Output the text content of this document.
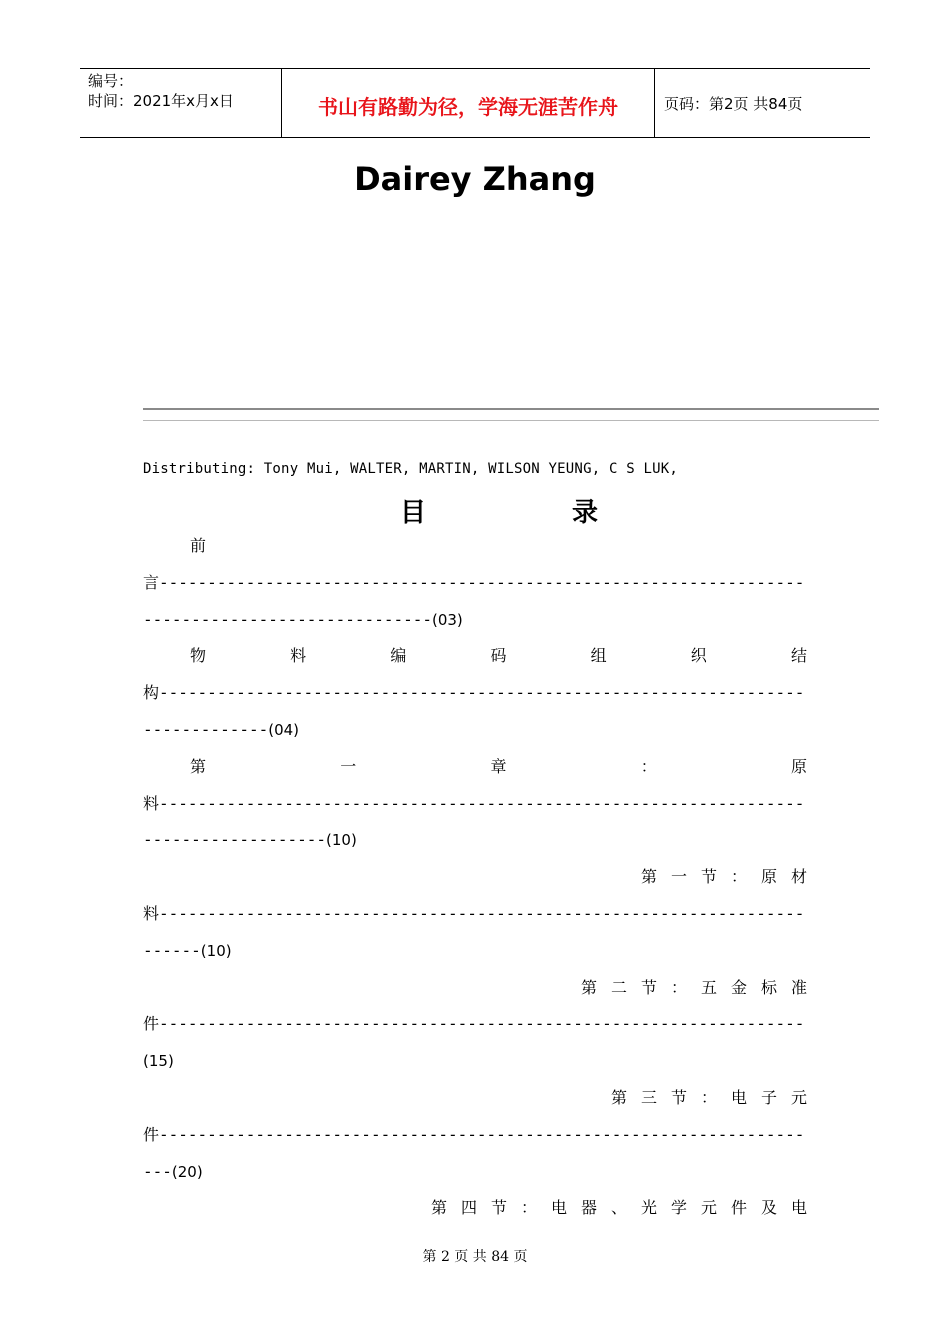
编号：
时间：2021年x月x日	书山有路勤为径，学海无涯苦作舟	页码：第2页 共84页
Dairey Zhang
Distributing: Tony Mui, WALTER, MARTIN, WILSON YEUNG, C S LUK,
目	录
前
言
-----
------------------------------(03)
物	料	编	码	组	织	结
构
-----
-------------(04)
第	一	章	：	原
料
-----
-------------------(10)
第一节：原材
料
-----
------(10)
第二节：五金标准
件
-----
(15)
第三节：电子元
件
-----
---(20)
第四节：电器、光学元件及电
第 2 页 共 84 页
